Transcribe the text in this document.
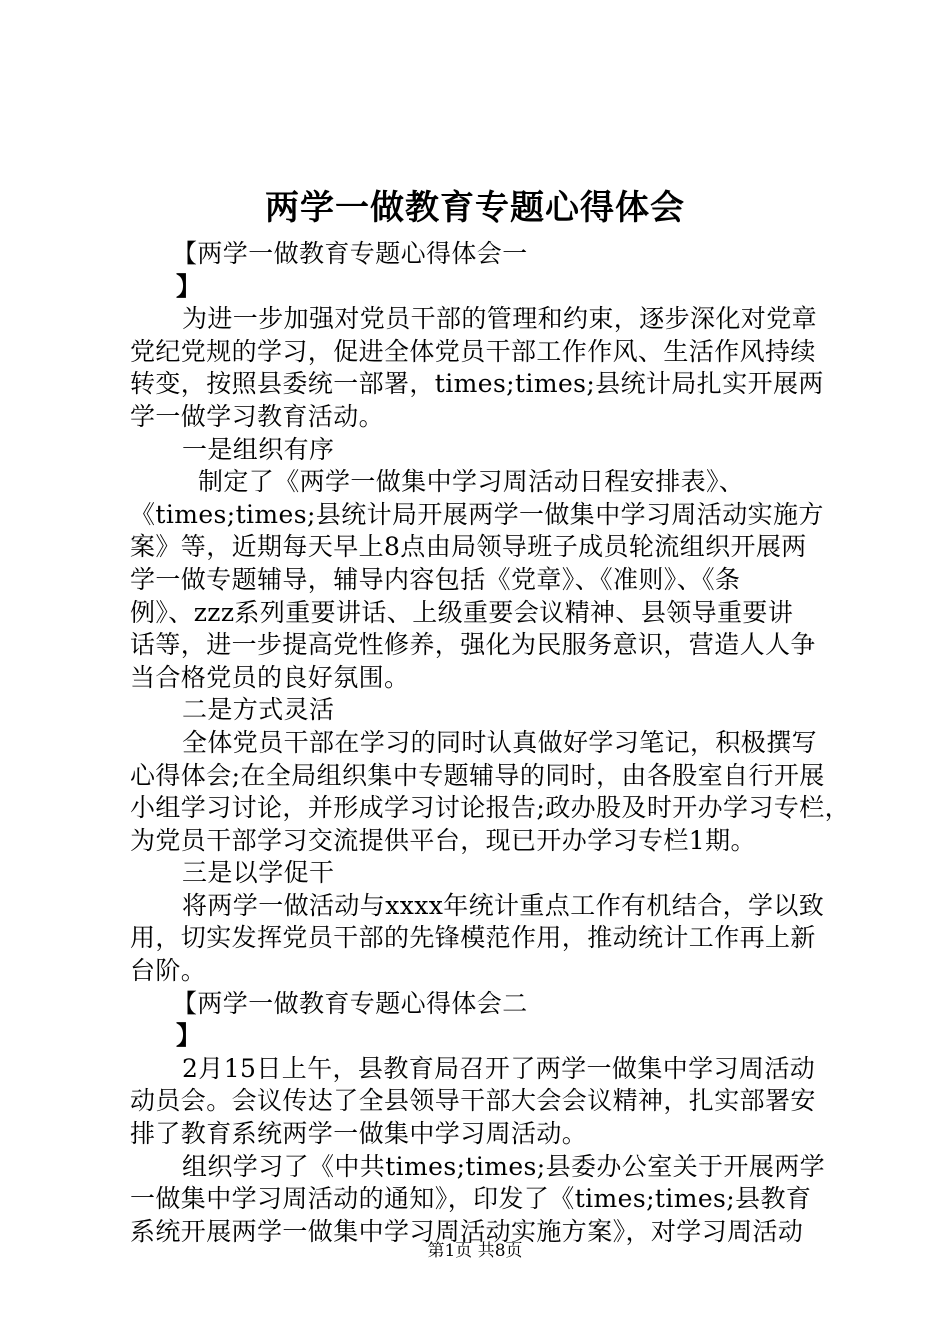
两学一做教育专题心得体会
【两学一做教育专题心得体会一
】
为进一步加强对党员干部的管理和约束，逐步深化对党章
党纪党规的学习，促进全体党员干部工作作风、生活作风持续
转变，按照县委统一部署，times;times;县统计局扎实开展两
学一做学习教育活动。
一是组织有序
制定了《两学一做集中学习周活动日程安排表》、
《times;times;县统计局开展两学一做集中学习周活动实施方
案》等，近期每天早上8点由局领导班子成员轮流组织开展两
学一做专题辅导，辅导内容包括《党章》、《准则》、《条
例》、zzz系列重要讲话、上级重要会议精神、县领导重要讲
话等，进一步提高党性修养，强化为民服务意识，营造人人争
当合格党员的良好氛围。
二是方式灵活
全体党员干部在学习的同时认真做好学习笔记，积极撰写
心得体会;在全局组织集中专题辅导的同时，由各股室自行开展
小组学习讨论，并形成学习讨论报告;政办股及时开办学习专栏，
为党员干部学习交流提供平台，现已开办学习专栏1期。
三是以学促干
将两学一做活动与xxxx年统计重点工作有机结合，学以致
用，切实发挥党员干部的先锋模范作用，推动统计工作再上新
台阶。
【两学一做教育专题心得体会二
】
2月15日上午，县教育局召开了两学一做集中学习周活动
动员会。会议传达了全县领导干部大会会议精神，扎实部署安
排了教育系统两学一做集中学习周活动。
组织学习了《中共times;times;县委办公室关于开展两学
一做集中学习周活动的通知》，印发了《times;times;县教育
系统开展两学一做集中学习周活动实施方案》，对学习周活动
第1页 共8页
